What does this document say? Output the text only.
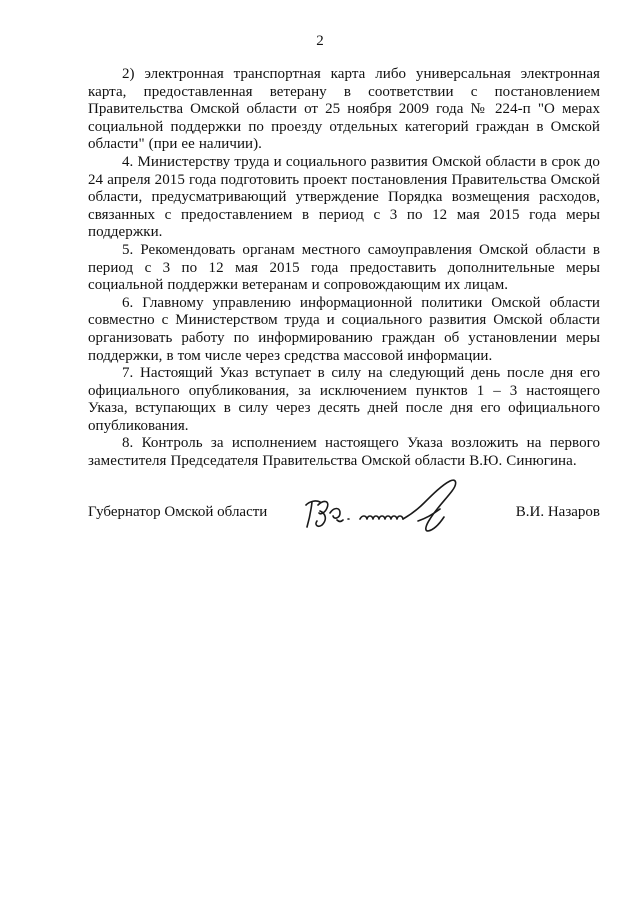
2

2) электронная транспортная карта либо универсальная электронная карта, предоставленная ветерану в соответствии с постановлением Правительства Омской области от 25 ноября 2009 года № 224-п "О мерах социальной поддержки по проезду отдельных категорий граждан в Омской области" (при ее наличии).

4. Министерству труда и социального развития Омской области в срок до 24 апреля 2015 года подготовить проект постановления Правительства Омской области, предусматривающий утверждение Порядка возмещения расходов, связанных с предоставлением в период с 3 по 12 мая 2015 года меры поддержки.

5. Рекомендовать органам местного самоуправления Омской области в период с 3 по 12 мая 2015 года предоставить дополнительные меры социальной поддержки ветеранам и сопровождающим их лицам.

6. Главному управлению информационной политики Омской области совместно с Министерством труда и социального развития Омской области организовать работу по информированию граждан об установлении меры поддержки, в том числе через средства массовой информации.

7. Настоящий Указ вступает в силу на следующий день после дня его официального опубликования, за исключением пунктов 1 – 3 настоящего Указа, вступающих в силу через десять дней после дня его официального опубликования.

8. Контроль за исполнением настоящего Указа возложить на первого заместителя Председателя Правительства Омской области В.Ю. Синюгина.

Губернатор Омской области	В.И. Назаров
